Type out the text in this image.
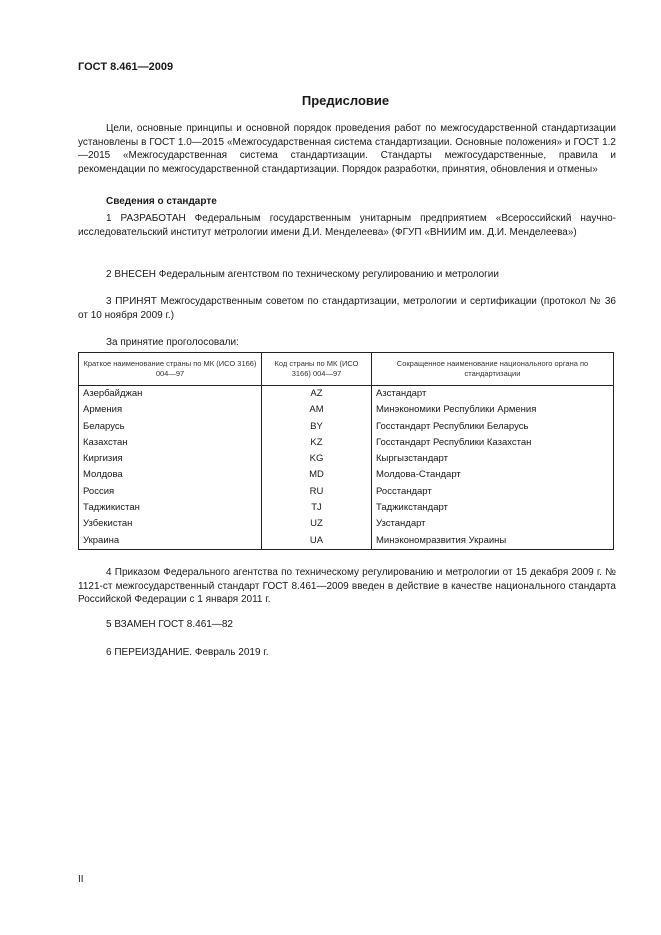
ГОСТ 8.461—2009
Предисловие

Цели, основные принципы и основной порядок проведения работ по межгосударственной стандартизации установлены в ГОСТ 1.0—2015 «Межгосударственная система стандартизации. Основные положения» и ГОСТ 1.2—2015 «Межгосударственная система стандартизации. Стандарты межгосударственные, правила и рекомендации по межгосударственной стандартизации. Порядок разработки, принятия, обновления и отмены»

Сведения о стандарте

1 РАЗРАБОТАН Федеральным государственным унитарным предприятием «Всероссийский научно-исследовательский институт метрологии имени Д.И. Менделеева» (ФГУП «ВНИИМ им. Д.И. Менделеева»)

2 ВНЕСЕН Федеральным агентством по техническому регулированию и метрологии

3 ПРИНЯТ Межгосударственным советом по стандартизации, метрологии и сертификации (протокол № 36 от 10 ноября 2009 г.)

За принятие проголосовали:
Краткое наименование страны по МК (ИСО 3166) 004—97	Код страны по МК (ИСО 3166) 004—97	Сокращенное наименование национального органа по стандартизации
Азербайджан	AZ	Азстандарт
Армения	AM	Минэкономики Республики Армения
Беларусь	BY	Госстандарт Республики Беларусь
Казахстан	KZ	Госстандарт Республики Казахстан
Киргизия	KG	Кыргызстандарт
Молдова	MD	Молдова-Стандарт
Россия	RU	Росстандарт
Таджикистан	TJ	Таджикстандарт
Узбекистан	UZ	Узстандарт
Украина	UA	Минэкономразвития Украины

4 Приказом Федерального агентства по техническому регулированию и метрологии от 15 декабря 2009 г. № 1121-ст межгосударственный стандарт ГОСТ 8.461—2009 введен в действие в качестве национального стандарта Российской Федерации с 1 января 2011 г.

5 ВЗАМЕН ГОСТ 8.461—82
6 ПЕРЕИЗДАНИЕ. Февраль 2019 г.
II
